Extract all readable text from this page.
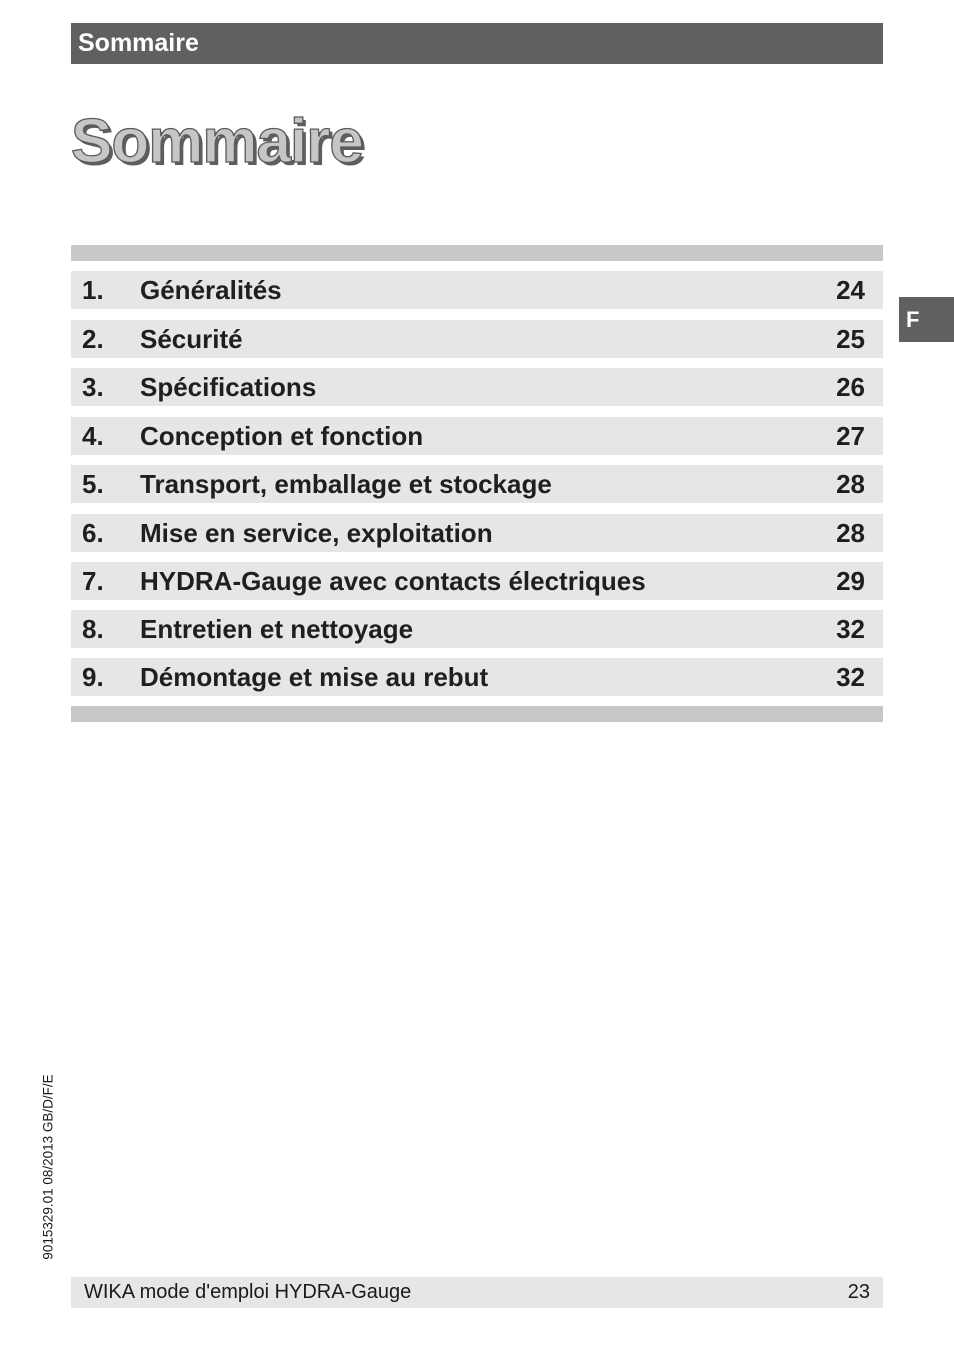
Sommaire
Sommaire
1. Généralités	24
2. Sécurité	25
3. Spécifications	26
4. Conception et fonction	27
5. Transport, emballage et stockage	28
6. Mise en service, exploitation	28
7. HYDRA-Gauge avec contacts électriques	29
8. Entretien et nettoyage	32
9. Démontage et mise au rebut	32
F
9015329.01 08/2013 GB/D/F/E
WIKA mode d'emploi HYDRA-Gauge	23
